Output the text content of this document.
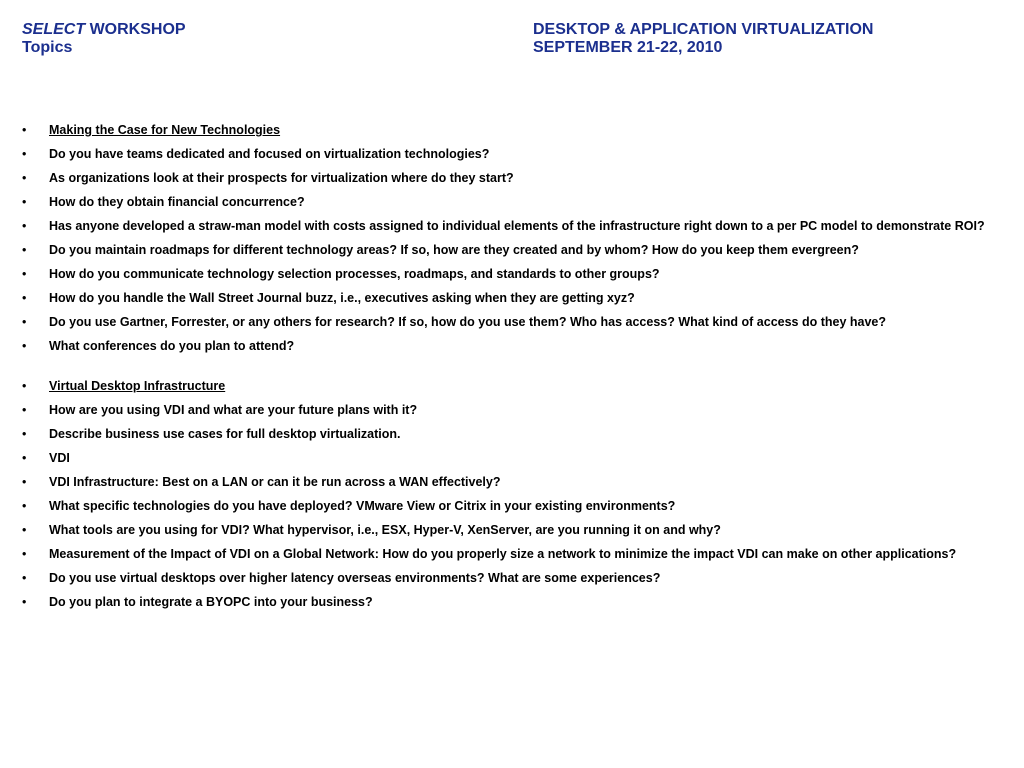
SELECT WORKSHOP
Topics
DESKTOP & APPLICATION VIRTUALIZATION
SEPTEMBER 21-22, 2010
•	Making the Case for New Technologies
•	Do you have teams dedicated and focused on virtualization technologies?
•	As organizations look at their prospects for virtualization where do they start?
•	How do they obtain financial concurrence?
•	Has anyone developed a straw-man model with costs assigned to individual elements of the infrastructure right down to a per PC model to demonstrate ROI?
•	Do you maintain roadmaps for different technology areas? If so, how are they created and by whom? How do you keep them evergreen?
•	How do you communicate technology selection processes, roadmaps, and standards to other groups?
•	How do you handle the Wall Street Journal buzz, i.e., executives asking when they are getting xyz?
•	Do you use Gartner, Forrester, or any others for research? If so, how do you use them? Who has access? What kind of access do they have?
•	What conferences do you plan to attend?
•	Virtual Desktop Infrastructure
•	How are you using VDI and what are your future plans with it?
•	Describe business use cases for full desktop virtualization.
•	VDI
•	VDI Infrastructure: Best on a LAN or can it be run across a WAN effectively?
•	What specific technologies do you have deployed? VMware View or Citrix in your existing environments?
•	What tools are you using for VDI? What hypervisor, i.e., ESX, Hyper-V, XenServer, are you running it on and why?
•	Measurement of the Impact of VDI on a Global Network: How do you properly size a network to minimize the impact VDI can make on other applications?
•	Do you use virtual desktops over higher latency overseas environments? What are some experiences?
•	Do you plan to integrate a BYOPC into your business?
